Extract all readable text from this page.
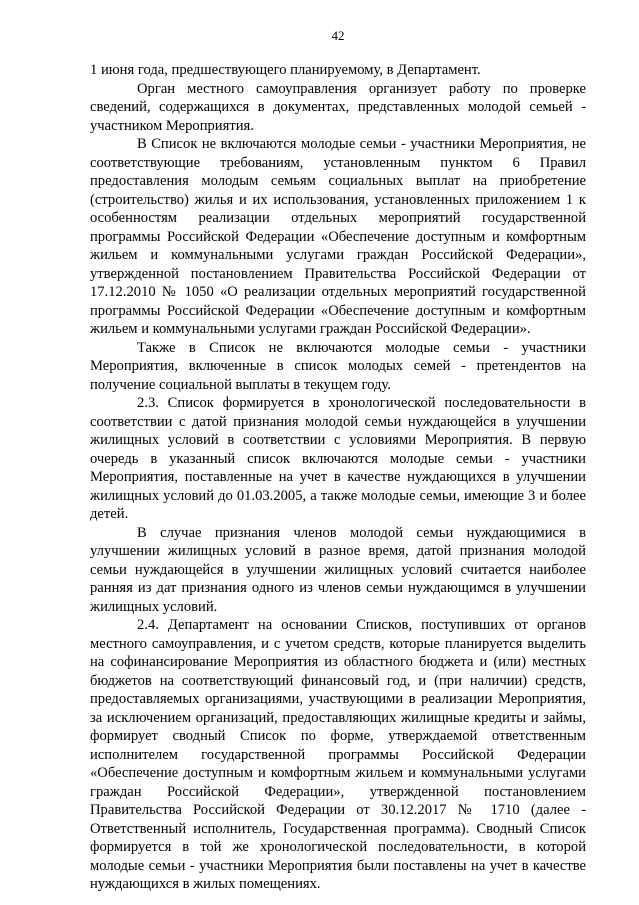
42

1 июня года, предшествующего планируемому, в Департамент.

Орган местного самоуправления организует работу по проверке сведений, содержащихся в документах, представленных молодой семьей - участником Мероприятия.

В Список не включаются молодые семьи - участники Мероприятия, не соответствующие требованиям, установленным пунктом 6 Правил предоставления молодым семьям социальных выплат на приобретение (строительство) жилья и их использования, установленных приложением 1 к особенностям реализации отдельных мероприятий государственной программы Российской Федерации «Обеспечение доступным и комфортным жильем и коммунальными услугами граждан Российской Федерации», утвержденной постановлением Правительства Российской Федерации от 17.12.2010 № 1050 «О реализации отдельных мероприятий государственной программы Российской Федерации «Обеспечение доступным и комфортным жильем и коммунальными услугами граждан Российской Федерации».

Также в Список не включаются молодые семьи - участники Мероприятия, включенные в список молодых семей - претендентов на получение социальной выплаты в текущем году.

2.3. Список формируется в хронологической последовательности в соответствии с датой признания молодой семьи нуждающейся в улучшении жилищных условий в соответствии с условиями Мероприятия. В первую очередь в указанный список включаются молодые семьи - участники Мероприятия, поставленные на учет в качестве нуждающихся в улучшении жилищных условий до 01.03.2005, а также молодые семьи, имеющие 3 и более детей.

В случае признания членов молодой семьи нуждающимися в улучшении жилищных условий в разное время, датой признания молодой семьи нуждающейся в улучшении жилищных условий считается наиболее ранняя из дат признания одного из членов семьи нуждающимся в улучшении жилищных условий.

2.4. Департамент на основании Списков, поступивших от органов местного самоуправления, и с учетом средств, которые планируется выделить на софинансирование Мероприятия из областного бюджета и (или) местных бюджетов на соответствующий финансовый год, и (при наличии) средств, предоставляемых организациями, участвующими в реализации Мероприятия, за исключением организаций, предоставляющих жилищные кредиты и займы, формирует сводный Список по форме, утверждаемой ответственным исполнителем государственной программы Российской Федерации «Обеспечение доступным и комфортным жильем и коммунальными услугами граждан Российской Федерации», утвержденной постановлением Правительства Российской Федерации от 30.12.2017 № 1710 (далее - Ответственный исполнитель, Государственная программа). Сводный Список формируется в той же хронологической последовательности, в которой молодые семьи - участники Мероприятия были поставлены на учет в качестве нуждающихся в жилых помещениях.
